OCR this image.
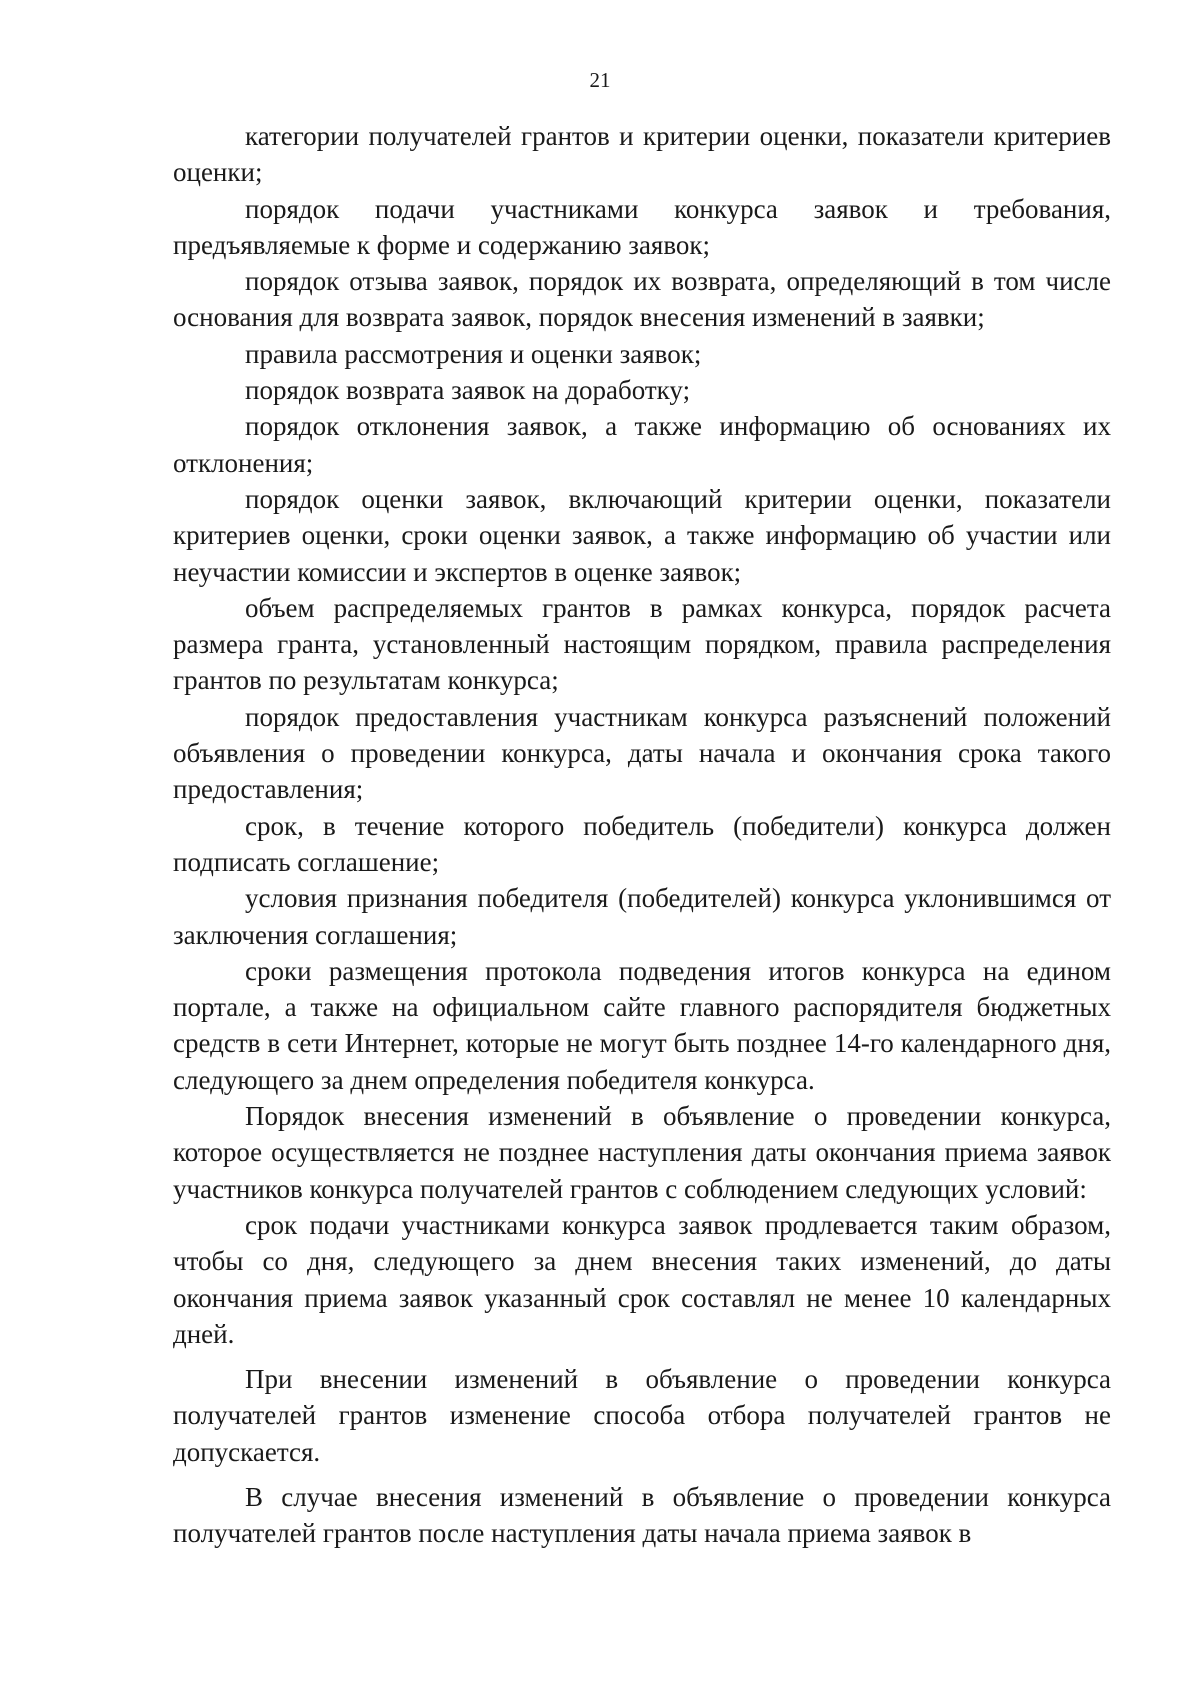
21

категории получателей грантов и критерии оценки, показатели критериев оценки;

порядок подачи участниками конкурса заявок и требования, предъявляемые к форме и содержанию заявок;

порядок отзыва заявок, порядок их возврата, определяющий в том числе основания для возврата заявок, порядок внесения изменений в заявки;

правила рассмотрения и оценки заявок;

порядок возврата заявок на доработку;

порядок отклонения заявок, а также информацию об основаниях их отклонения;

порядок оценки заявок, включающий критерии оценки, показатели критериев оценки, сроки оценки заявок, а также информацию об участии или неучастии комиссии и экспертов в оценке заявок;

объем распределяемых грантов в рамках конкурса, порядок расчета размера гранта, установленный настоящим порядком, правила распределения грантов по результатам конкурса;

порядок предоставления участникам конкурса разъяснений положений объявления о проведении конкурса, даты начала и окончания срока такого предоставления;

срок, в течение которого победитель (победители) конкурса должен подписать соглашение;

условия признания победителя (победителей) конкурса уклонившимся от заключения соглашения;

сроки размещения протокола подведения итогов конкурса на едином портале, а также на официальном сайте главного распорядителя бюджетных средств в сети Интернет, которые не могут быть позднее 14-го календарного дня, следующего за днем определения победителя конкурса.

Порядок внесения изменений в объявление о проведении конкурса, которое осуществляется не позднее наступления даты окончания приема заявок участников конкурса получателей грантов с соблюдением следующих условий:

срок подачи участниками конкурса заявок продлевается таким образом, чтобы со дня, следующего за днем внесения таких изменений, до даты окончания приема заявок указанный срок составлял не менее 10 календарных дней.

При внесении изменений в объявление о проведении конкурса получателей грантов изменение способа отбора получателей грантов не допускается.

В случае внесения изменений в объявление о проведении конкурса получателей грантов после наступления даты начала приема заявок в
